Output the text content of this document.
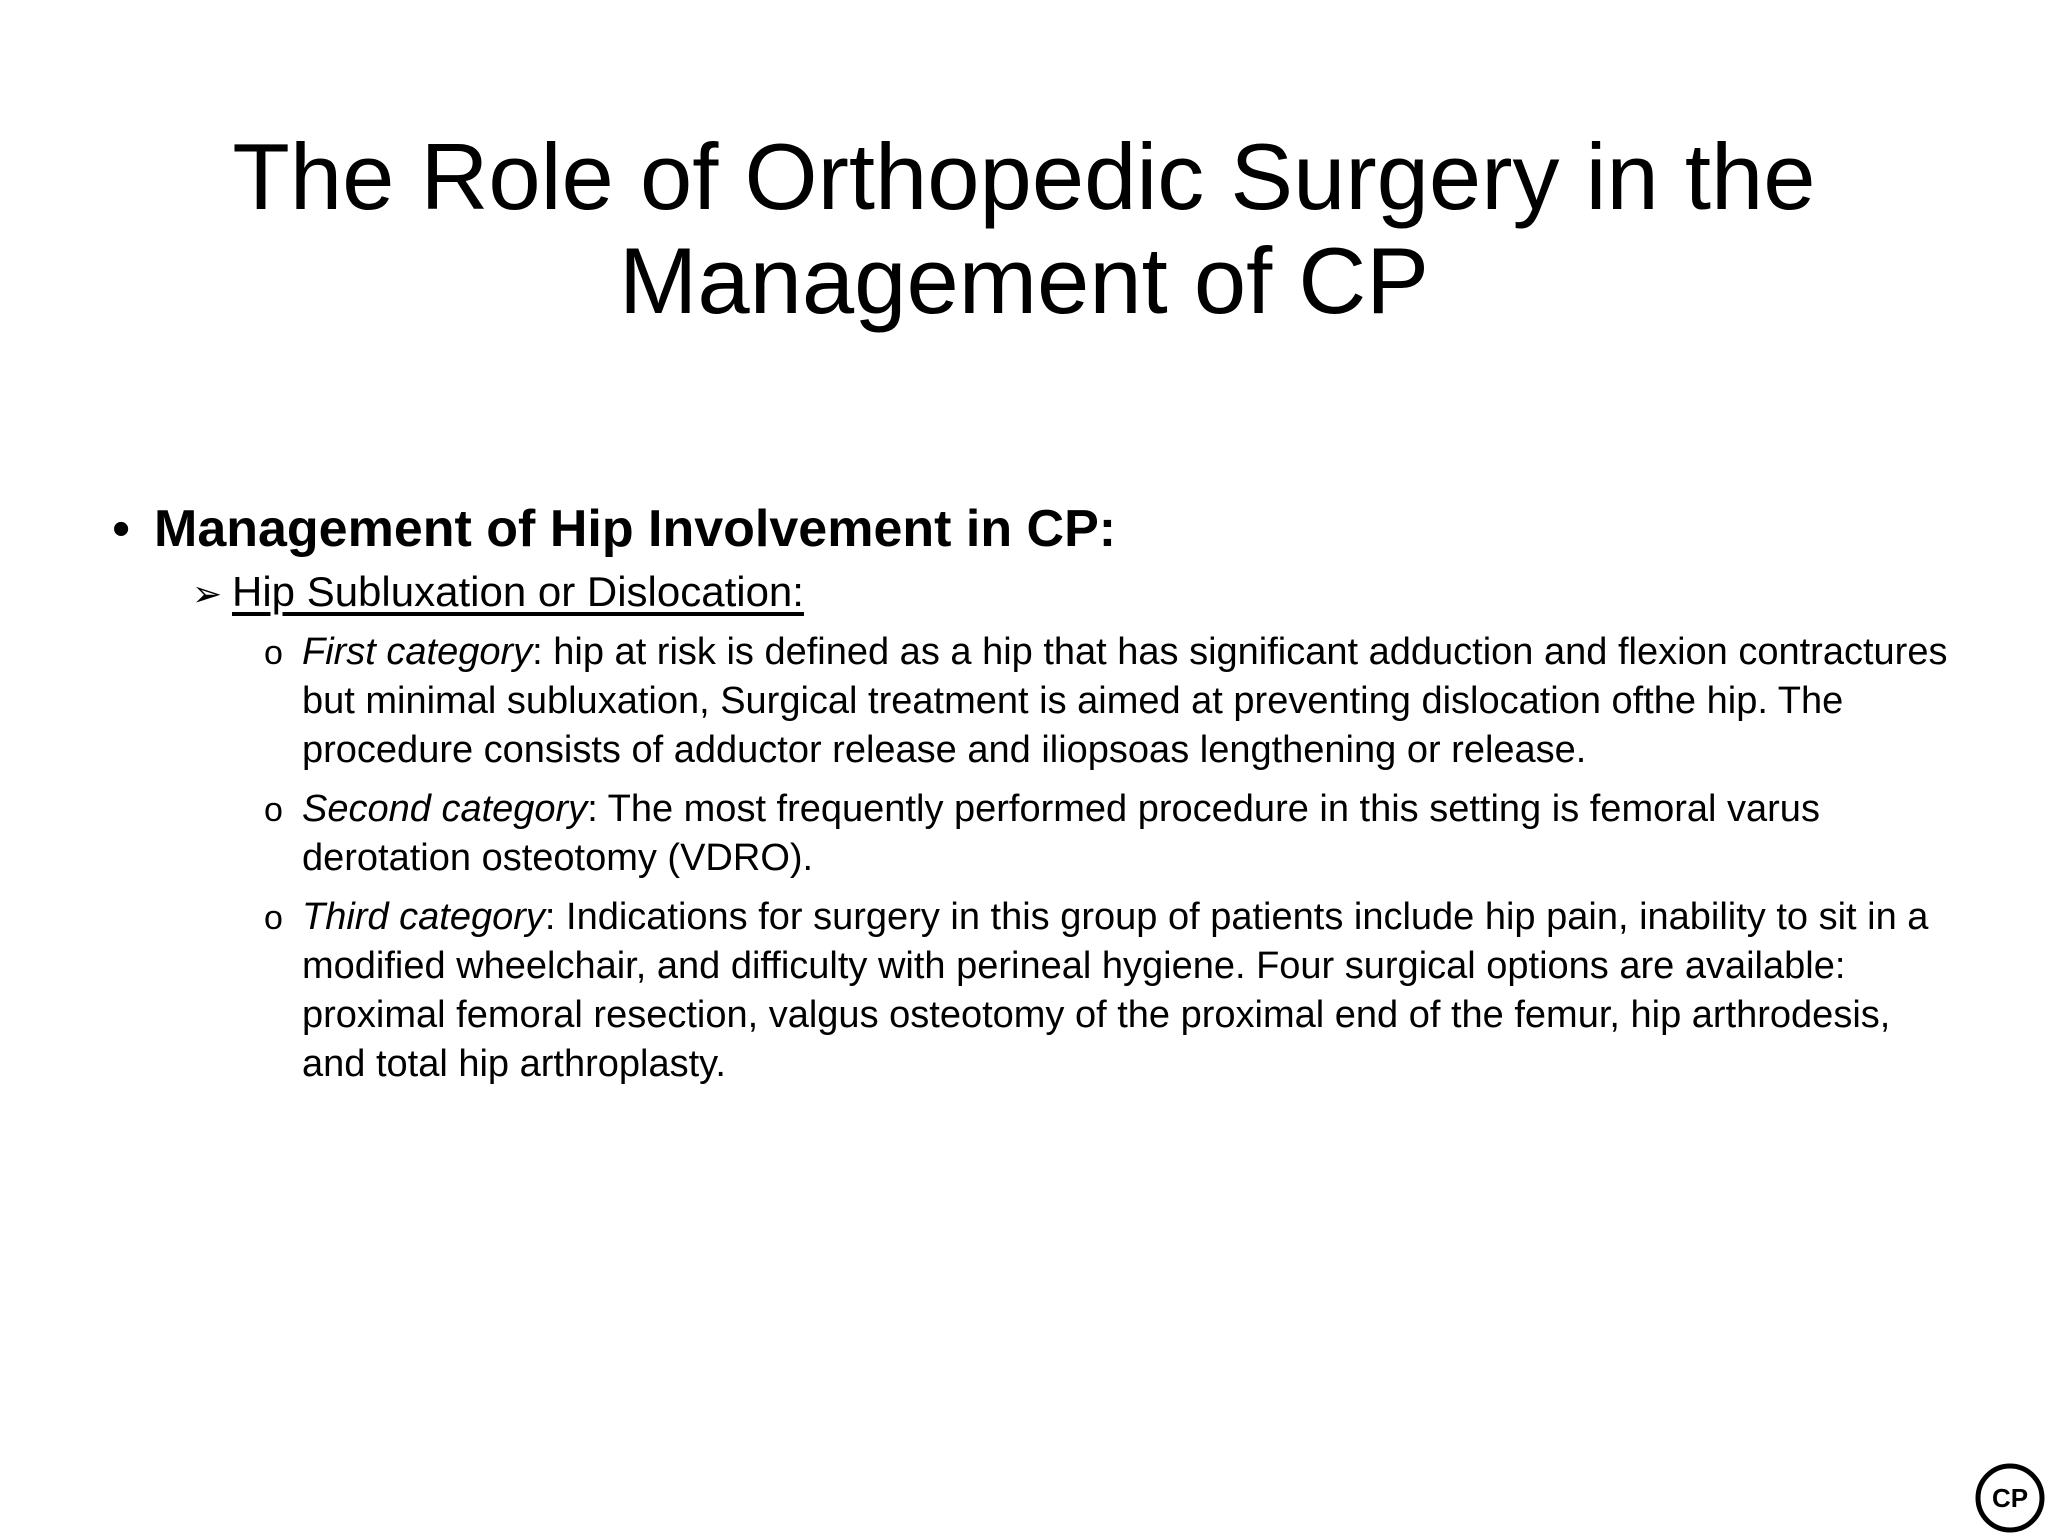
The Role of Orthopedic Surgery in the
Management of CP
• Management of Hip Involvement in CP:
➢ Hip Subluxation or Dislocation:
o First category: hip at risk is defined as a hip that has significant adduction and flexion contractures but minimal subluxation, Surgical treatment is aimed at preventing dislocation ofthe hip. The procedure consists of adductor release and iliopsoas lengthening or release.
o Second category: The most frequently performed procedure in this setting is femoral varus derotation osteotomy (VDRO).
o Third category: Indications for surgery in this group of patients include hip pain, inability to sit in a modified wheelchair, and difficulty with perineal hygiene. Four surgical options are available: proximal femoral resection, valgus osteotomy of the proximal end of the femur, hip arthrodesis, and total hip arthroplasty.
CP
